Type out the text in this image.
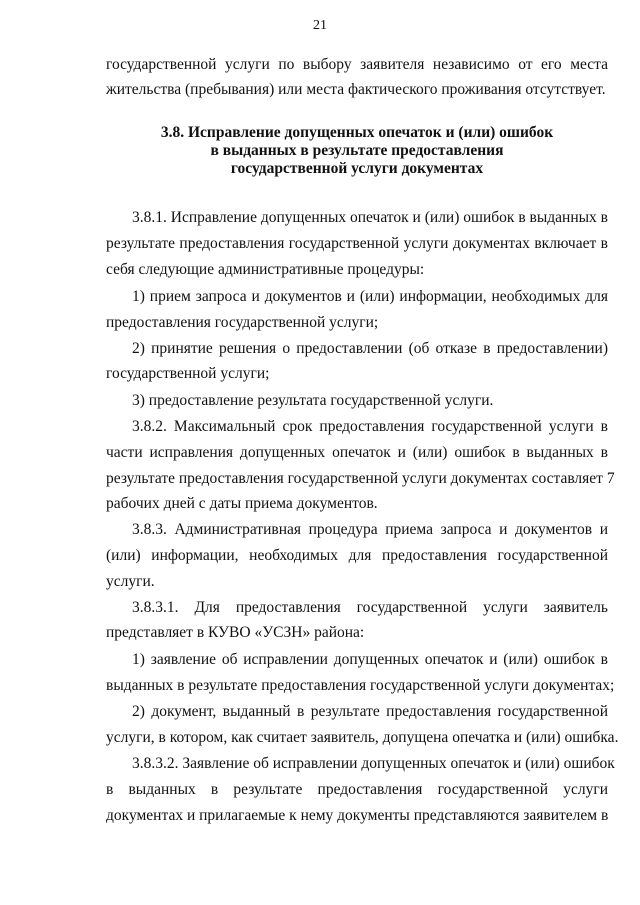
21
государственной услуги по выбору заявителя независимо от его места
жительства (пребывания) или места фактического проживания отсутствует.
3.8. Исправление допущенных опечаток и (или) ошибок
в выданных в результате предоставления
государственной услуги документах
3.8.1. Исправление допущенных опечаток и (или) ошибок в выданных в
результате предоставления государственной услуги документах включает в
себя следующие административные процедуры:
1) прием запроса и документов и (или) информации, необходимых для
предоставления государственной услуги;
2) принятие решения о предоставлении (об отказе в предоставлении)
государственной услуги;
3) предоставление результата государственной услуги.
3.8.2. Максимальный срок предоставления государственной услуги в
части исправления допущенных опечаток и (или) ошибок в выданных в
результате предоставления государственной услуги документах составляет 7
рабочих дней с даты приема документов.
3.8.3. Административная процедура приема запроса и документов и
(или) информации, необходимых для предоставления государственной
услуги.
3.8.3.1. Для предоставления государственной услуги заявитель
представляет в КУВО «УСЗН» района:
1) заявление об исправлении допущенных опечаток и (или) ошибок в
выданных в результате предоставления государственной услуги документах;
2) документ, выданный в результате предоставления государственной
услуги, в котором, как считает заявитель, допущена опечатка и (или) ошибка.
3.8.3.2. Заявление об исправлении допущенных опечаток и (или) ошибок
в выданных в результате предоставления государственной услуги
документах и прилагаемые к нему документы представляются заявителем в
